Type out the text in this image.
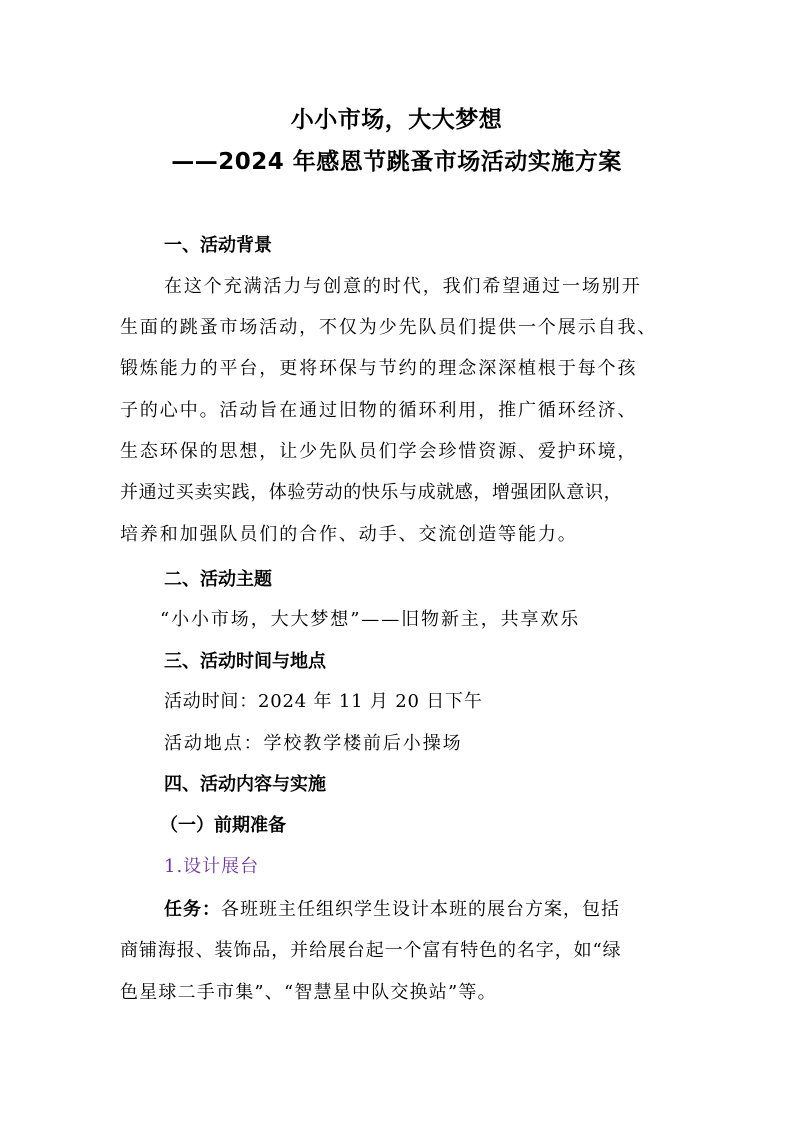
小小市场，大大梦想
——2024 年感恩节跳蚤市场活动实施方案
一、活动背景
在这个充满活力与创意的时代，我们希望通过一场别开
生面的跳蚤市场活动，不仅为少先队员们提供一个展示自我、
锻炼能力的平台，更将环保与节约的理念深深植根于每个孩
子的心中。活动旨在通过旧物的循环利用，推广循环经济、
生态环保的思想，让少先队员们学会珍惜资源、爱护环境，
并通过买卖实践，体验劳动的快乐与成就感，增强团队意识，
培养和加强队员们的合作、动手、交流创造等能力。
二、活动主题
“小小市场，大大梦想”——旧物新主，共享欢乐
三、活动时间与地点
活动时间：2024 年 11 月 20 日下午
活动地点：学校教学楼前后小操场
四、活动内容与实施
（一）前期准备
1.设计展台
任务：各班班主任组织学生设计本班的展台方案，包括
商铺海报、装饰品，并给展台起一个富有特色的名字，如“绿
色星球二手市集”、“智慧星中队交换站”等。
